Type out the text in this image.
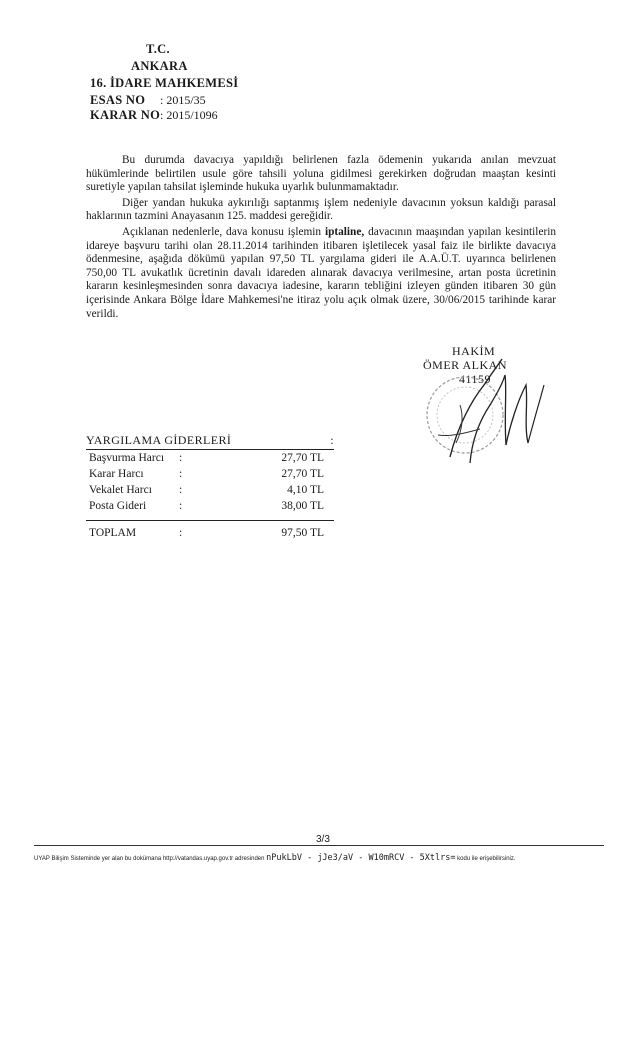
T.C.
ANKARA
16. İDARE MAHKEMESİ
ESAS NO : 2015/35
KARAR NO : 2015/1096

Bu durumda davacıya yapıldığı belirlenen fazla ödemenin yukarıda anılan mevzuat hükümlerinde belirtilen usule göre tahsili yoluna gidilmesi gerekirken doğrudan maaştan kesinti suretiyle yapılan tahsilat işleminde hukuka uyarlık bulunmamaktadır.

Diğer yandan hukuka aykırılığı saptanmış işlem nedeniyle davacının yoksun kaldığı parasal haklarının tazmini Anayasanın 125. maddesi gereğidir.

Açıklanan nedenlerle, dava konusu işlemin iptaline, davacının maaşından yapılan kesintilerin idareye başvuru tarihi olan 28.11.2014 tarihinden itibaren işletilecek yasal faiz ile birlikte davacıya ödenmesine, aşağıda dökümü yapılan 97,50 TL yargılama gideri ile A.A.Ü.T. uyarınca belirlenen 750,00 TL avukatlık ücretinin davalı idareden alınarak davacıya verilmesine, artan posta ücretinin kararın kesinleşmesinden sonra davacıya iadesine, kararın tebliğini izleyen günden itibaren 30 gün içerisinde Ankara Bölge İdare Mahkemesi'ne itiraz yolu açık olmak üzere, 30/06/2015 tarihinde karar verildi.

HAKİM
ÖMER ALKAN
41159
YARGILAMA GİDERLERİ	:
Başvurma Harcı :	27,70 TL
Karar Harcı	:	27,70 TL
Vekalet Harcı :	4,10 TL
Posta Gideri	:	38,00 TL
TOPLAM	:	97,50 TL
3/3
UYAP Bilişim Sisteminde yer alan bu dokümana http://vatandas.uyap.gov.tr adresinden nPukLbV - jJe3/aV - W10mRCV - 5Xtlrs= kodu ile erişebilirsiniz.
